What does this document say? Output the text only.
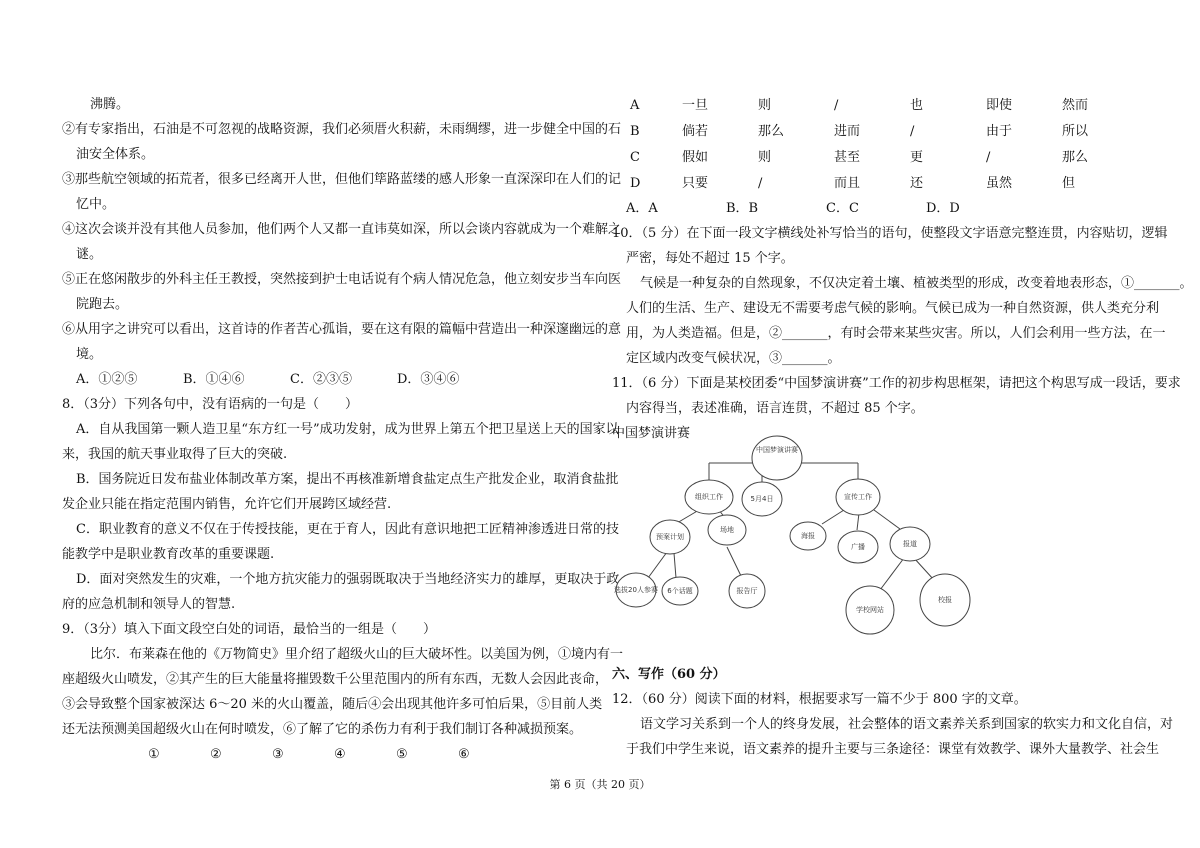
沸腾。
②有专家指出，石油是不可忽视的战略资源，我们必须厝火积薪，未雨绸缪，进一步健全中国的石
油安全体系。
③那些航空领域的拓荒者，很多已经离开人世，但他们筚路蓝缕的感人形象一直深深印在人们的记
忆中。
④这次会谈并没有其他人员参加，他们两个人又都一直讳莫如深，所以会谈内容就成为一个难解之
谜。
⑤正在悠闲散步的外科主任王教授，突然接到护士电话说有个病人情况危急，他立刻安步当车向医
院跑去。
⑥从用字之讲究可以看出，这首诗的作者苦心孤诣，要在这有限的篇幅中营造出一种深邃幽远的意
境。
A．①②⑤	B．①④⑥	C．②③⑤	D．③④⑥
8．（3分）下列各句中，没有语病的一句是（　　）
A．自从我国第一颗人造卫星“东方红一号”成功发射，成为世界上第五个把卫星送上天的国家以
来，我国的航天事业取得了巨大的突破.
B．国务院近日发布盐业体制改革方案，提出不再核准新增食盐定点生产批发企业，取消食盐批
发企业只能在指定范围内销售，允许它们开展跨区域经营.
C．职业教育的意义不仅在于传授技能，更在于育人，因此有意识地把工匠精神渗透进日常的技
能教学中是职业教育改革的重要课题.
D．面对突然发生的灾难，一个地方抗灾能力的强弱既取决于当地经济实力的雄厚，更取决于政
府的应急机制和领导人的智慧.
9．（3分）填入下面文段空白处的词语，最恰当的一组是（　　）
比尔．布莱森在他的《万物简史》里介绍了超级火山的巨大破坏性。以美国为例，①境内有一
座超级火山喷发，②其产生的巨大能量将摧毁数千公里范围内的所有东西，无数人会因此丧命，
③会导致整个国家被深达 6～20 米的火山覆盖，随后④会出现其他许多可怕后果，⑤目前人类
还无法预测美国超级火山在何时喷发，⑥了解了它的杀伤力有利于我们制订各种减损预案。
①	②	③	④	⑤	⑥
A	一旦	则	/	也	即使	然而
B	倘若	那么	进而	/	由于	所以
C	假如	则	甚至	更	/	那么
D	只要	/	而且	还	虽然	但
A．A	B．B	C．C	D．D
10．（5 分）在下面一段文字横线处补写恰当的语句，使整段文字语意完整连贯，内容贴切，逻辑
严密，每处不超过 15 个字。
气候是一种复杂的自然现象，不仅决定着土壤、植被类型的形成，改变着地表形态，①_______。
人们的生活、生产、建设无不需要考虑气候的影响。气候已成为一种自然资源，供人类充分利
用，为人类造福。但是，②_______，有时会带来某些灾害。所以，人们会利用一些方法，在一
定区域内改变气候状况，③_______。
11．（6 分）下面是某校团委“中国梦演讲赛”工作的初步构思框架，请把这个构思写成一段话，要求
内容得当，表述准确，语言连贯，不超过 85 个字。
中国梦演讲赛
六、写作（60 分）
12．（60 分）阅读下面的材料，根据要求写一篇不少于 800 字的文章。
语文学习关系到一个人的终身发展，社会整体的语文素养关系到国家的软实力和文化自信，对
于我们中学生来说，语文素养的提升主要与三条途径：课堂有效教学、课外大量教学、社会生
中国梦演讲赛
组织工作	5月4日	宣传工作
预案计划
场地
海报
广播	报道
选拔20人参赛 6个话题	报告厅
学校网站
校报
第 6 页（共 20 页）
